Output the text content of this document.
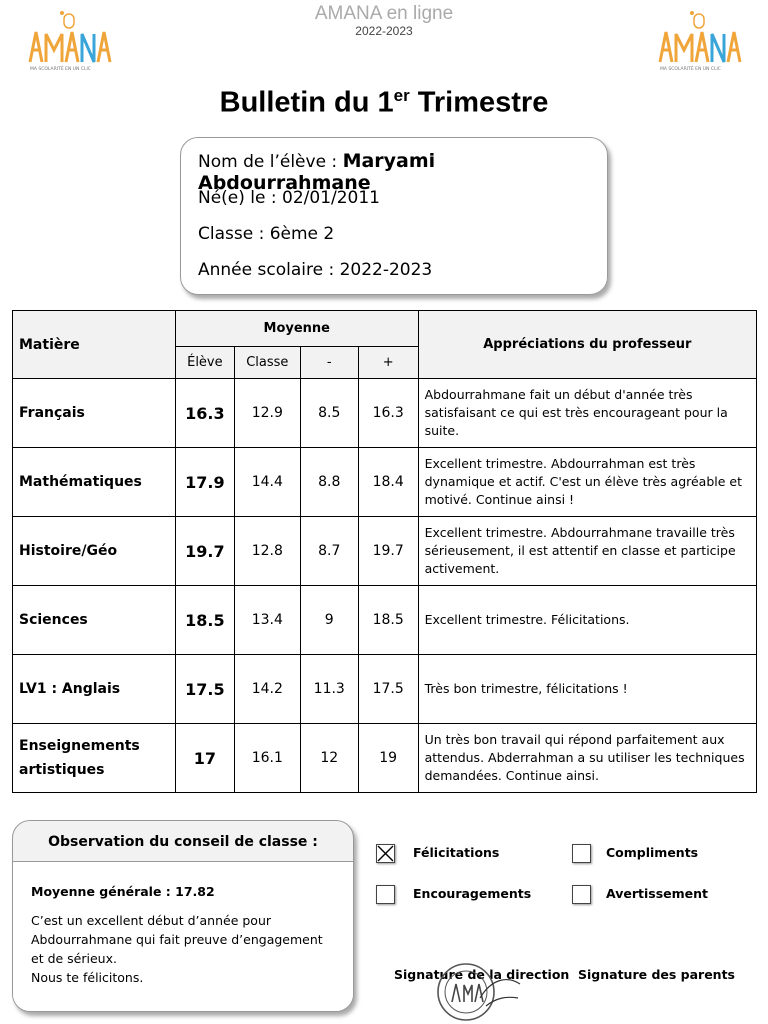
MA SCOLARITÉ EN UN CLIC	MA SCOLARITÉ EN UN CLIC
AMANA en ligne
2022-2023
Bulletin du 1er Trimestre
Nom de l’élève : Maryami Abdourrahmane
Né(e) le : 02/01/2011
Classe : 6ème 2
Année scolaire : 2022-2023
Matière	Moyenne				Appréciations du professeur
	Élève	Classe	-	+	
Français	16.3	12.9	8.5	16.3	Abdourrahmane fait un début d'année très satisfaisant ce qui est très encourageant pour la suite.
Mathématiques	17.9	14.4	8.8	18.4	Excellent trimestre. Abdourrahman est très dynamique et actif. C'est un élève très agréable et motivé. Continue ainsi !
Histoire/Géo	19.7	12.8	8.7	19.7	Excellent trimestre. Abdourrahmane travaille très sérieusement, il est attentif en classe et participe activement.
Sciences	18.5	13.4	9	18.5	Excellent trimestre. Félicitations.
LV1 : Anglais	17.5	14.2	11.3	17.5	Très bon trimestre, félicitations !
Enseignements artistiques	17	16.1	12	19	Un très bon travail qui répond parfaitement aux attendus. Abderrahman a su utiliser les techniques demandées. Continue ainsi.
Observation du conseil de classe :
Moyenne générale : 17.82
C’est un excellent début d’année pour
Abdourrahmane qui fait preuve d’engagement
et de sérieux.
Nous te félicitons.
Félicitations	Compliments
Encouragements	Avertissement
Signature de la direction Signature des parents
